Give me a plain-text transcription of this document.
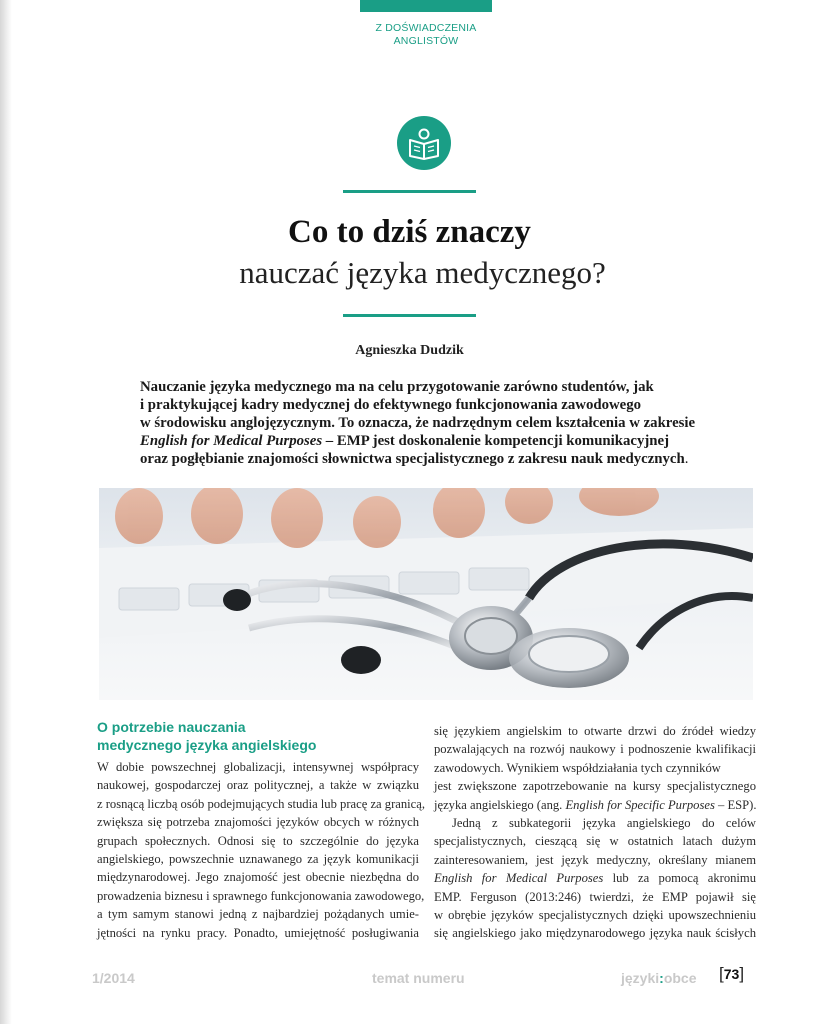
Z DOŚWIADCZENIA
ANGLISTÓW
Co to dziś znaczy
nauczać języka medycznego?
Agnieszka Dudzik
Nauczanie języka medycznego ma na celu przygotowanie zarówno studentów, jak
i praktykującej kadry medycznej do efektywnego funkcjonowania zawodowego
w środowisku anglojęzycznym. To oznacza, że nadrzędnym celem kształcenia w zakresie
English for Medical Purposes – EMP jest doskonalenie kompetencji komunikacyjnej
oraz pogłębianie znajomości słownictwa specjalistycznego z zakresu nauk medycznych.
O potrzebie nauczania
medycznego języka angielskiego
W dobie powszechnej globalizacji, intensywnej współpracy
naukowej, gospodarczej oraz politycznej, a także w związku
z rosnącą liczbą osób podejmujących studia lub pracę za granicą,
zwiększa się potrzeba znajomości języków obcych w różnych
grupach społecznych. Odnosi się to szczególnie do języka
angielskiego, powszechnie uznawanego za język komunikacji
międzynarodowej. Jego znajomość jest obecnie niezbędna do
prowadzenia biznesu i sprawnego funkcjonowania zawodowego,
a tym samym stanowi jedną z najbardziej pożądanych umie-
jętności na rynku pracy. Ponadto, umiejętność posługiwania
się językiem angielskim to otwarte drzwi do źródeł wiedzy
pozwalających na rozwój naukowy i podnoszenie kwalifikacji
zawodowych. Wynikiem współdziałania tych czynników
jest zwiększone zapotrzebowanie na kursy specjalistycznego
języka angielskiego (ang. English for Specific Purposes – ESP).
Jedną z subkategorii języka angielskiego do celów
specjalistycznych, cieszącą się w ostatnich latach dużym
zainteresowaniem, jest język medyczny, określany mianem
English for Medical Purposes lub za pomocą akronimu
EMP. Ferguson (2013:246) twierdzi, że EMP pojawił się
w obrębie języków specjalistycznych dzięki upowszechnieniu
się angielskiego jako międzynarodowego języka nauk ścisłych
1/2014	temat numeru	języki:obce [73]
